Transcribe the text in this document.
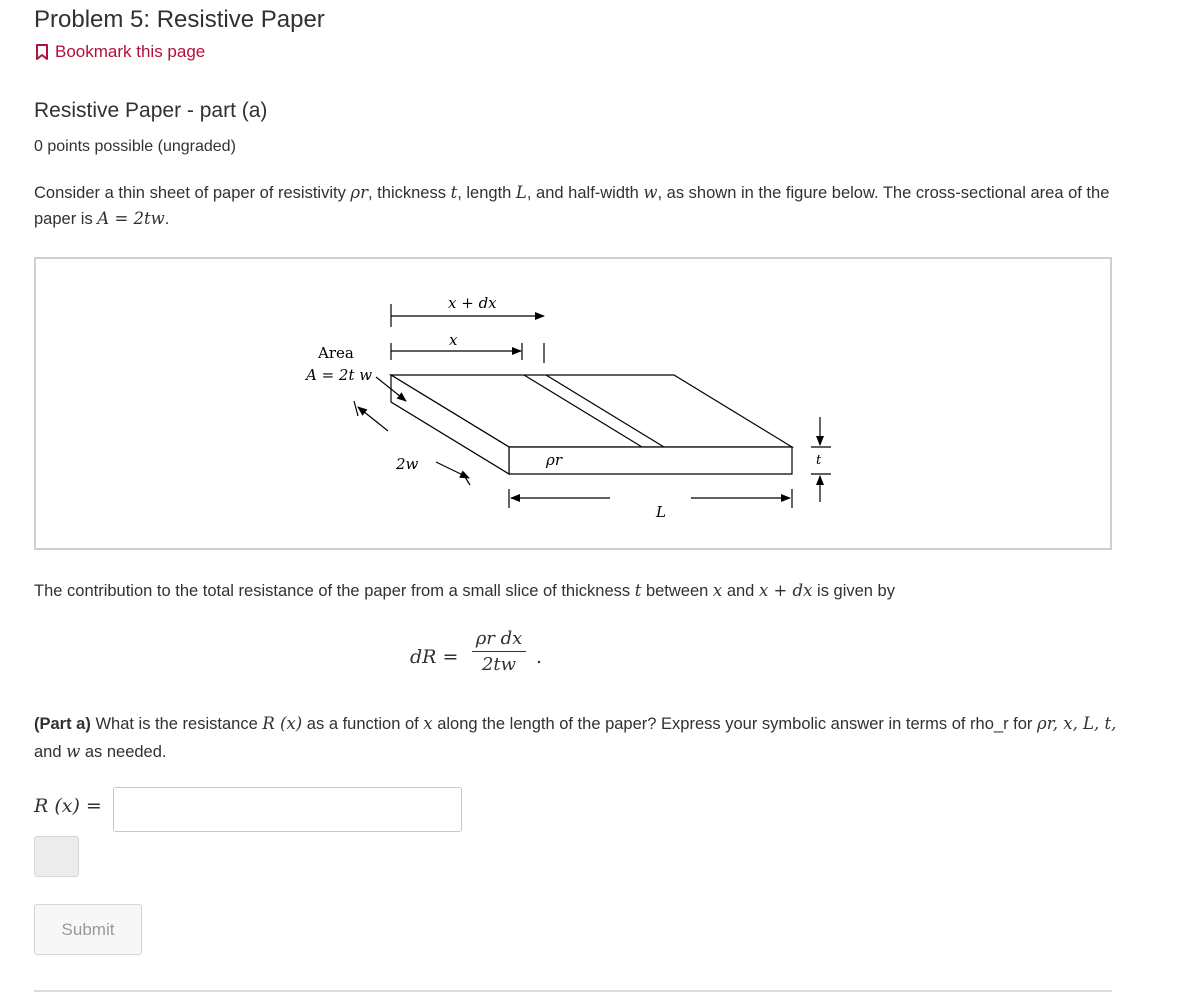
Problem 5: Resistive Paper
Bookmark this page
Resistive Paper - part (a)
0 points possible (ungraded)
Consider a thin sheet of paper of resistivity ρr, thickness t, length L, and half-width w, as shown in the figure below. The cross-sectional area of the paper is A = 2tw.
x + dx
x
Area
A = 2t w
2w	ρr
L
t
The contribution to the total resistance of the paper from a small slice of thickness t between x and x + dx is given by
dR = $\frac{\text{ρr dx}}{2tw}$ .
(Part a) What is the resistance R (x) as a function of x along the length of the paper? Express your symbolic answer in terms of rho_r for ρr, x, L, t, and w as needed.
R (x) =
Submit
